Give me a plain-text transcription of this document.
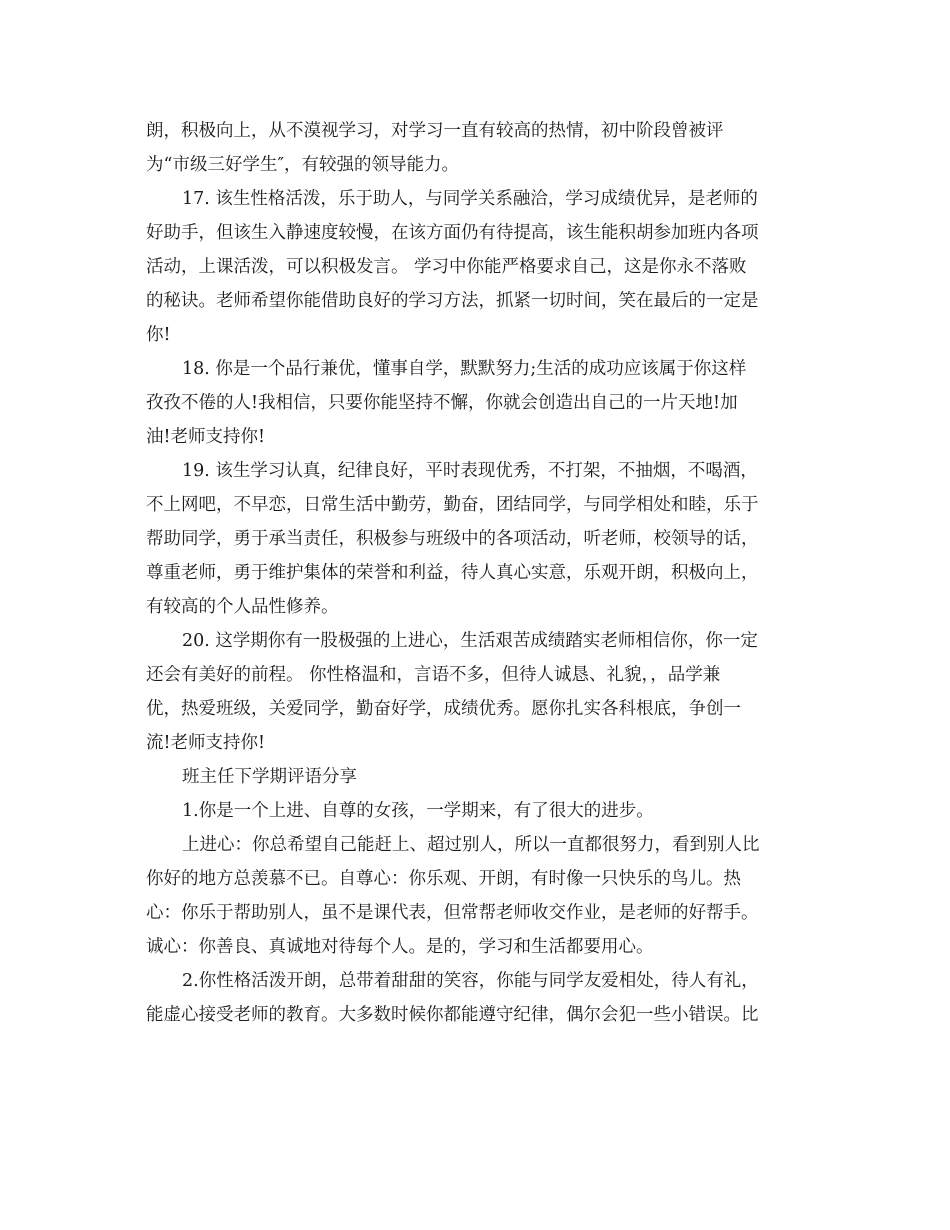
朗，积极向上，从不漠视学习，对学习一直有较高的热情，初中阶段曾被评
为“市级三好学生″，有较强的领导能力。
17. 该生性格活泼，乐于助人，与同学关系融洽，学习成绩优异，是老师的
好助手，但该生入静速度较慢，在该方面仍有待提高，该生能积胡参加班内各项
活动，上课活泼，可以积极发言。 学习中你能严格要求自己，这是你永不落败
的秘诀。老师希望你能借助良好的学习方法，抓紧一切时间，笑在最后的一定是
你!
18. 你是一个品行兼优，懂事自学，默默努力;生活的成功应该属于你这样
孜孜不倦的人!我相信，只要你能坚持不懈，你就会创造出自己的一片天地!加
油!老师支持你!
19. 该生学习认真，纪律良好，平时表现优秀，不打架，不抽烟，不喝酒，
不上网吧，不早恋，日常生活中勤劳，勤奋，团结同学，与同学相处和睦，乐于
帮助同学，勇于承当责任，积极参与班级中的各项活动，听老师，校领导的话，
尊重老师，勇于维护集体的荣誉和利益，待人真心实意，乐观开朗，积极向上，
有较高的个人品性修养。
20. 这学期你有一股极强的上进心，生活艰苦成绩踏实老师相信你，你一定
还会有美好的前程。 你性格温和，言语不多，但待人诚恳、礼貌，，品学兼
优，热爱班级，关爱同学，勤奋好学，成绩优秀。愿你扎实各科根底，争创一
流!老师支持你!
班主任下学期评语分享
1.你是一个上进、自尊的女孩，一学期来，有了很大的进步。
上进心：你总希望自己能赶上、超过别人，所以一直都很努力，看到别人比
你好的地方总羡慕不已。自尊心：你乐观、开朗，有时像一只快乐的鸟儿。热
心：你乐于帮助别人，虽不是课代表，但常帮老师收交作业，是老师的好帮手。
诚心：你善良、真诚地对待每个人。是的，学习和生活都要用心。
2.你性格活泼开朗，总带着甜甜的笑容，你能与同学友爱相处，待人有礼，
能虚心接受老师的教育。大多数时候你都能遵守纪律，偶尔会犯一些小错误。比
